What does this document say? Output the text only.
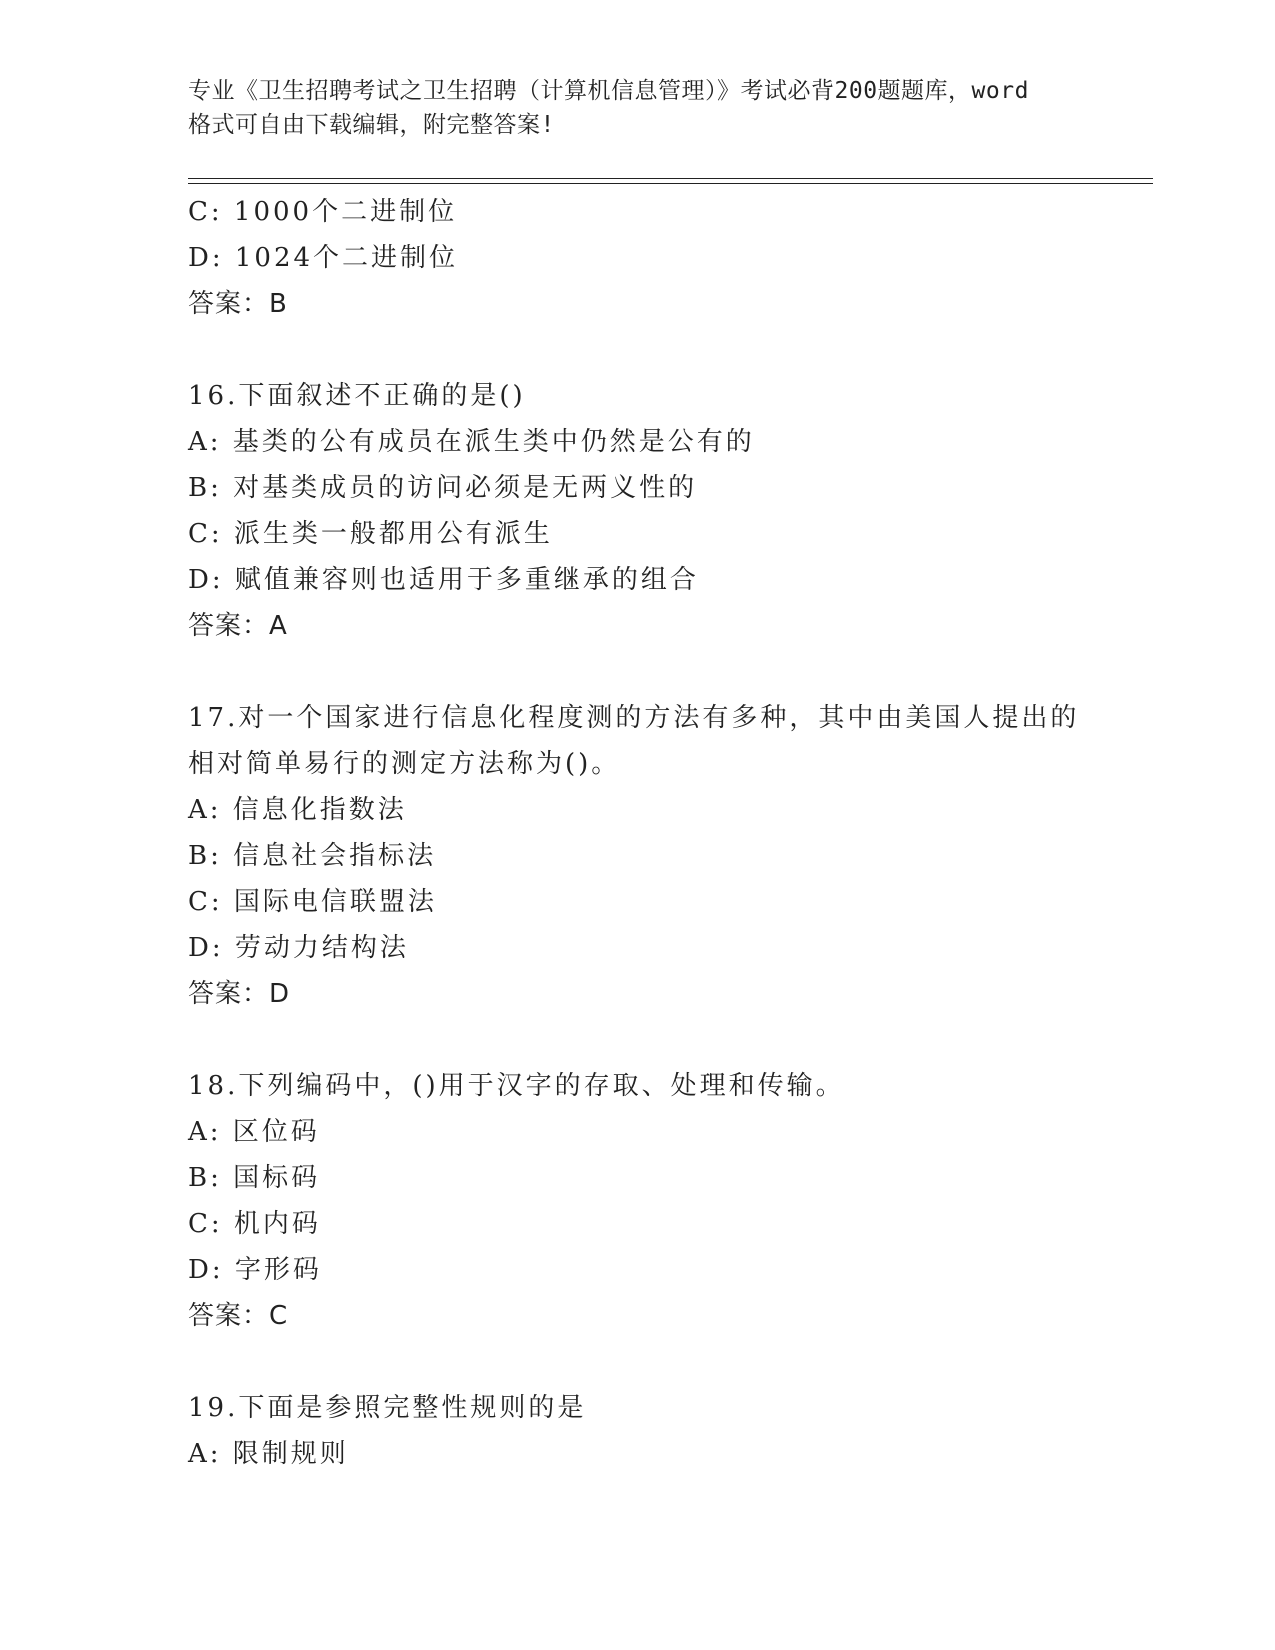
专业《卫生招聘考试之卫生招聘（计算机信息管理）》考试必背200题题库，word
格式可自由下载编辑，附完整答案!
C: 1000个二进制位
D: 1024个二进制位
答案：B
16.下面叙述不正确的是()
A: 基类的公有成员在派生类中仍然是公有的
B: 对基类成员的访问必须是无两义性的
C: 派生类一般都用公有派生
D: 赋值兼容则也适用于多重继承的组合
答案：A
17.对一个国家进行信息化程度测的方法有多种，其中由美国人提出的
相对简单易行的测定方法称为()。
A: 信息化指数法
B: 信息社会指标法
C: 国际电信联盟法
D: 劳动力结构法
答案：D
18.下列编码中，()用于汉字的存取、处理和传输。
A: 区位码
B: 国标码
C: 机内码
D: 字形码
答案：C
19.下面是参照完整性规则的是
A: 限制规则
